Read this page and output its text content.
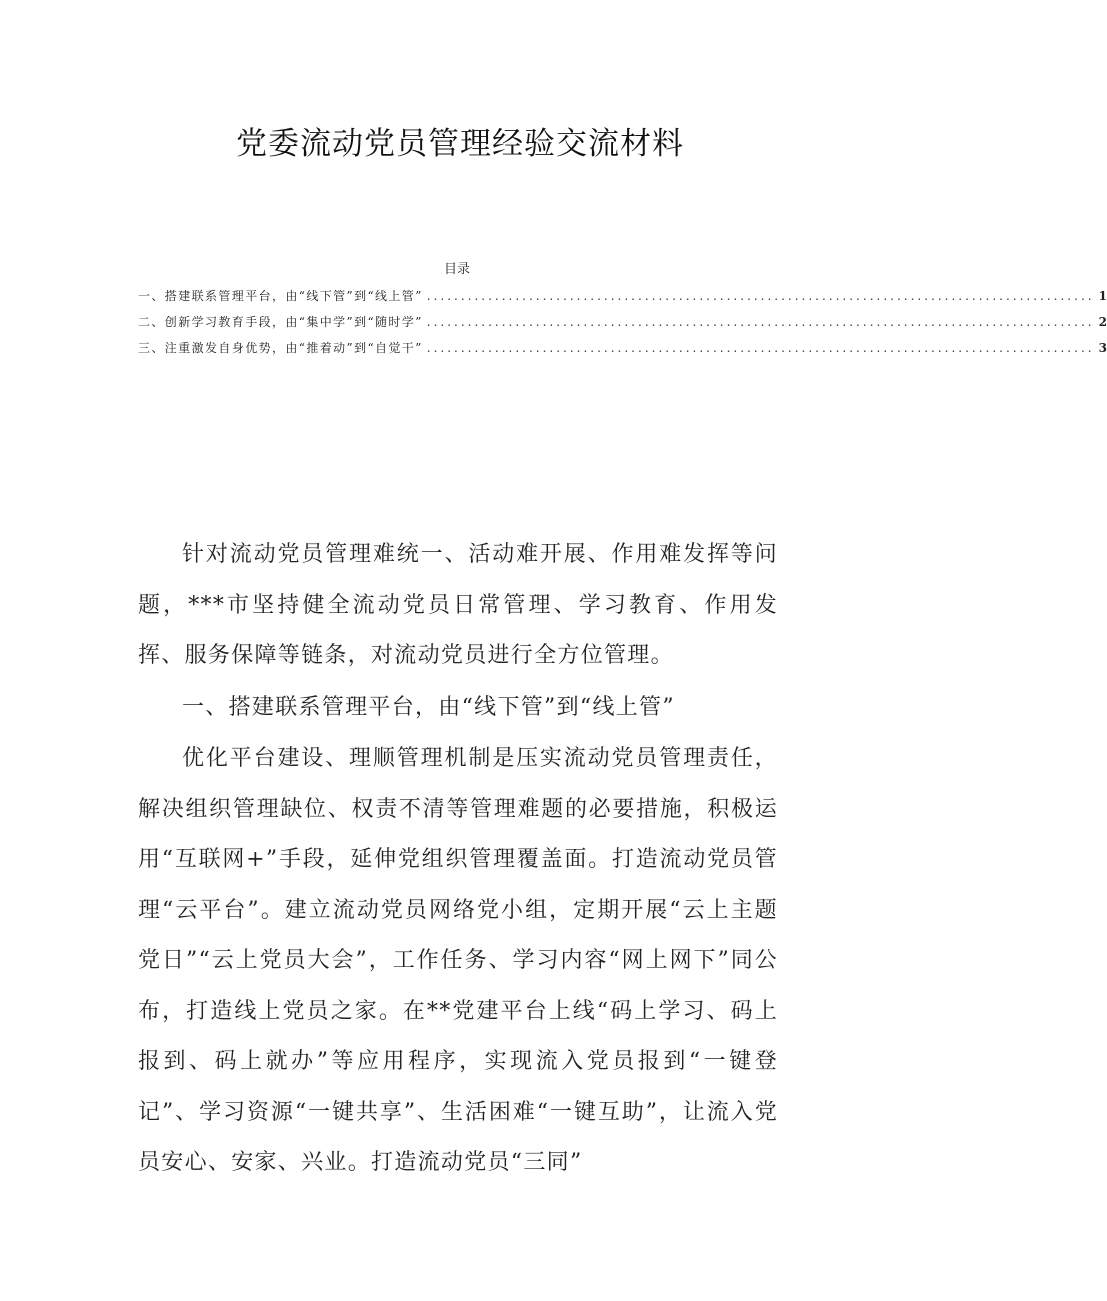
党委流动党员管理经验交流材料
目录
一、搭建联系管理平台，由“线下管”到“线上管” .................................................................................................. 1
二、创新学习教育手段，由“集中学”到“随时学” .................................................................................................. 2
三、注重激发自身优势，由“推着动”到“自觉干” .................................................................................................. 3

针对流动党员管理难统一、活动难开展、作用难发挥等问题，***市坚持健全流动党员日常管理、学习教育、作用发挥、服务保障等链条，对流动党员进行全方位管理。

一、搭建联系管理平台，由“线下管”到“线上管”

优化平台建设、理顺管理机制是压实流动党员管理责任，解决组织管理缺位、权责不清等管理难题的必要措施，积极运用“互联网+”手段，延伸党组织管理覆盖面。打造流动党员管理“云平台”。建立流动党员网络党小组，定期开展“云上主题党日”“云上党员大会”，工作任务、学习内容“网上网下”同公布，打造线上党员之家。在**党建平台上线“码上学习、码上报到、码上就办”等应用程序，实现流入党员报到“一键登记”、学习资源“一键共享”、生活困难“一键互助”，让流入党员安心、安家、兴业。打造流动党员“三同”
